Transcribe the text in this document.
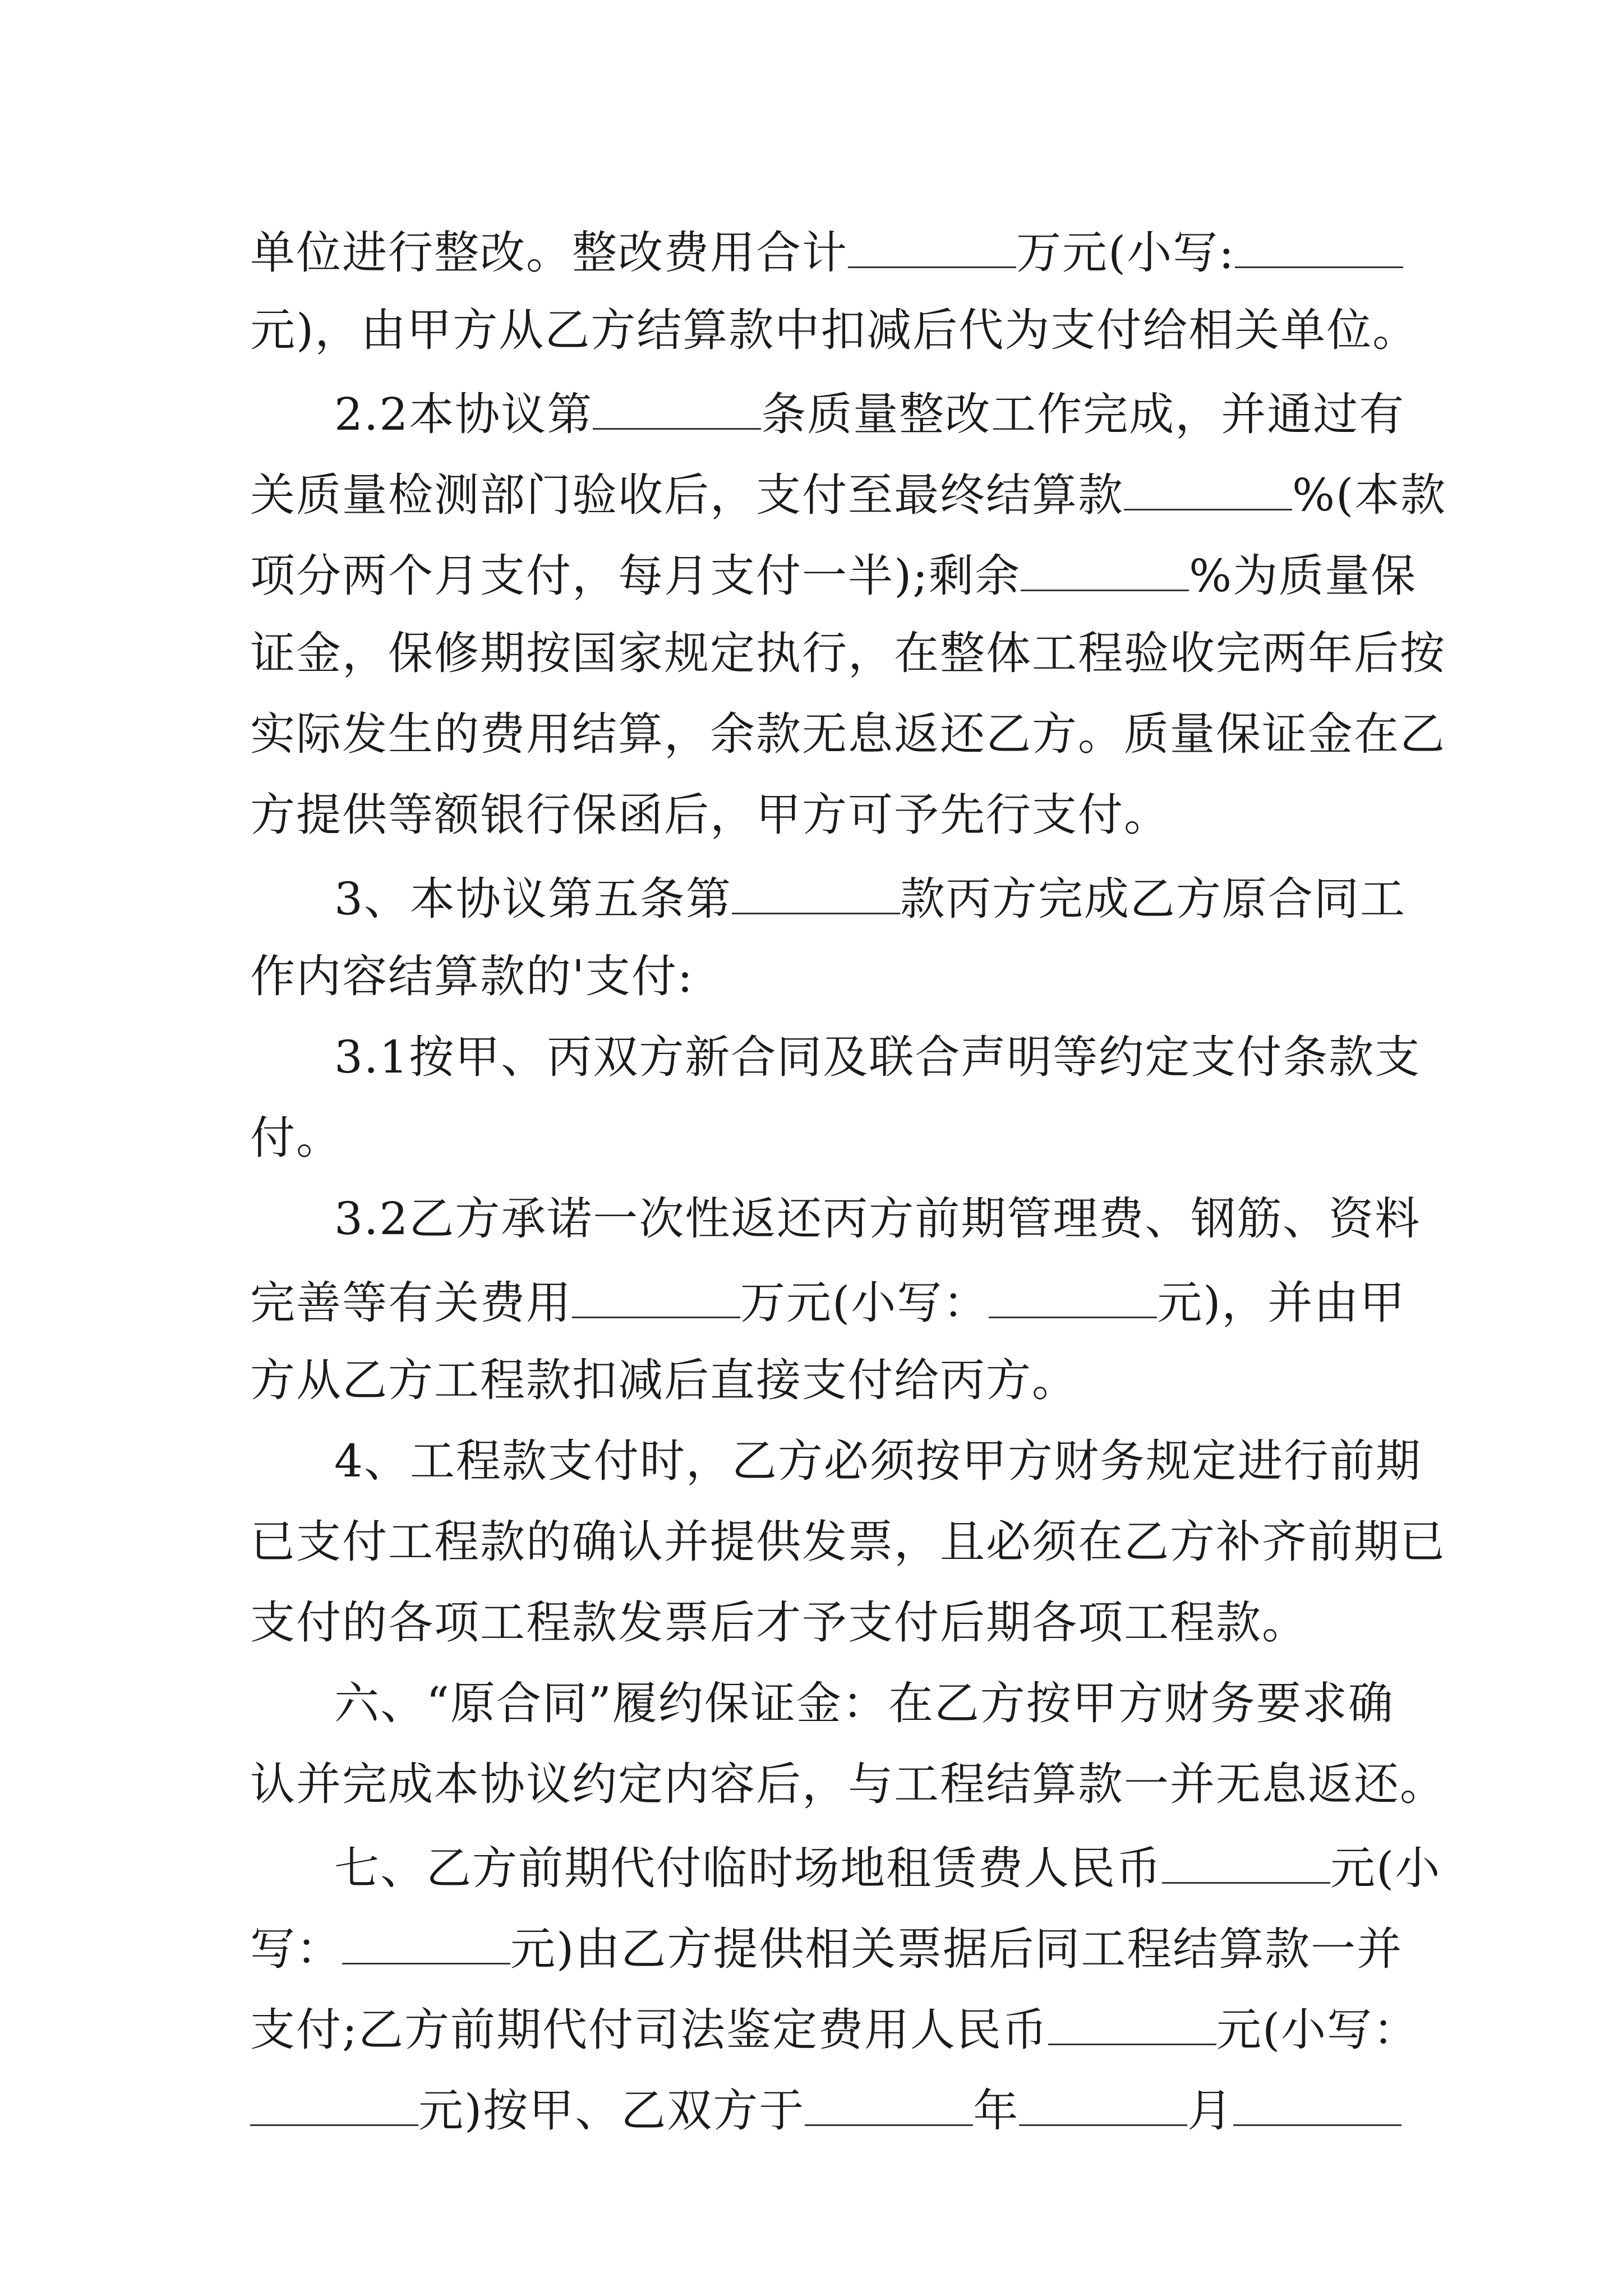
单位进行整改。整改费用合计	万元(小写:
元)，由甲方从乙方结算款中扣减后代为支付给相关单位。
2.2本协议第	条质量整改工作完成，并通过有
关质量检测部门验收后，支付至最终结算款	%(本款
项分两个月支付，每月支付一半);剩余	%为质量保
证金，保修期按国家规定执行，在整体工程验收完两年后按
实际发生的费用结算，余款无息返还乙方。质量保证金在乙
方提供等额银行保函后，甲方可予先行支付。
3、本协议第五条第	款丙方完成乙方原合同工
作内容结算款的'支付:
3.1按甲、丙双方新合同及联合声明等约定支付条款支
付。
3.2乙方承诺一次性返还丙方前期管理费、钢筋、资料
完善等有关费用	万元(小写：	元)，并由甲
方从乙方工程款扣减后直接支付给丙方。
4、工程款支付时，乙方必须按甲方财务规定进行前期
已支付工程款的确认并提供发票，且必须在乙方补齐前期已
支付的各项工程款发票后才予支付后期各项工程款。
六、“原合同”履约保证金：在乙方按甲方财务要求确
认并完成本协议约定内容后，与工程结算款一并无息返还。
七、乙方前期代付临时场地租赁费人民币	元(小
写：	元)由乙方提供相关票据后同工程结算款一并
支付;乙方前期代付司法鉴定费用人民币	元(小写：
元)按甲、乙双方于	年	月
